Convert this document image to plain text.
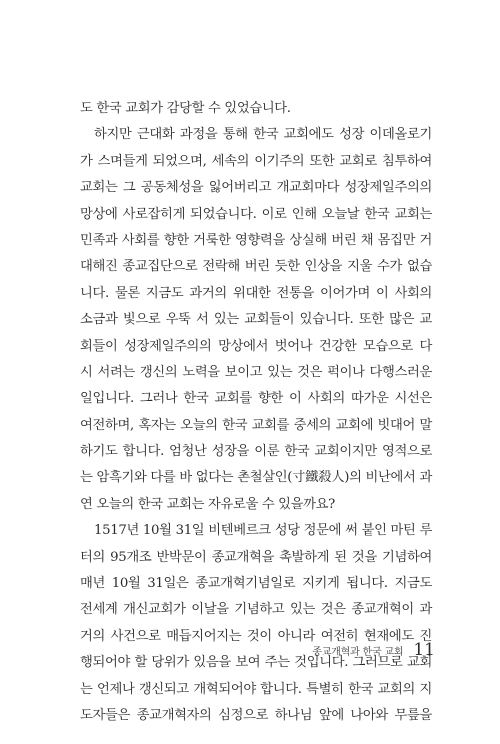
도 한국 교회가 감당할 수 있었습니다.
하지만 근대화 과정을 통해 한국 교회에도 성장 이데올로기
가 스며들게 되었으며, 세속의 이기주의 또한 교회로 침투하여
교회는 그 공동체성을 잃어버리고 개교회마다 성장제일주의의
망상에 사로잡히게 되었습니다. 이로 인해 오늘날 한국 교회는
민족과 사회를 향한 거룩한 영향력을 상실해 버린 채 몸집만 거
대해진 종교집단으로 전락해 버린 듯한 인상을 지울 수가 없습
니다. 물론 지금도 과거의 위대한 전통을 이어가며 이 사회의
소금과 빛으로 우뚝 서 있는 교회들이 있습니다. 또한 많은 교
회들이 성장제일주의의 망상에서 벗어나 건강한 모습으로 다
시 서려는 갱신의 노력을 보이고 있는 것은 퍽이나 다행스러운
일입니다. 그러나 한국 교회를 향한 이 사회의 따가운 시선은
여전하며, 혹자는 오늘의 한국 교회를 중세의 교회에 빗대어 말
하기도 합니다. 엄청난 성장을 이룬 한국 교회이지만 영적으로
는 암흑기와 다를 바 없다는 촌철살인(寸鐵殺人)의 비난에서 과
연 오늘의 한국 교회는 자유로울 수 있을까요?
1517년 10월 31일 비텐베르크 성당 정문에 써 붙인 마틴 루
터의 95개조 반박문이 종교개혁을 촉발하게 된 것을 기념하여
매년 10월 31일은 종교개혁기념일로 지키게 됩니다. 지금도
전세계 개신교회가 이날을 기념하고 있는 것은 종교개혁이 과
거의 사건으로 매듭지어지는 것이 아니라 여전히 현재에도 진
행되어야 할 당위가 있음을 보여 주는 것입니다. 그러므로 교회
는 언제나 갱신되고 개혁되어야 합니다. 특별히 한국 교회의 지
도자들은 종교개혁자의 심정으로 하나님 앞에 나아와 무릎을
종교개혁과 한국 교회 11
